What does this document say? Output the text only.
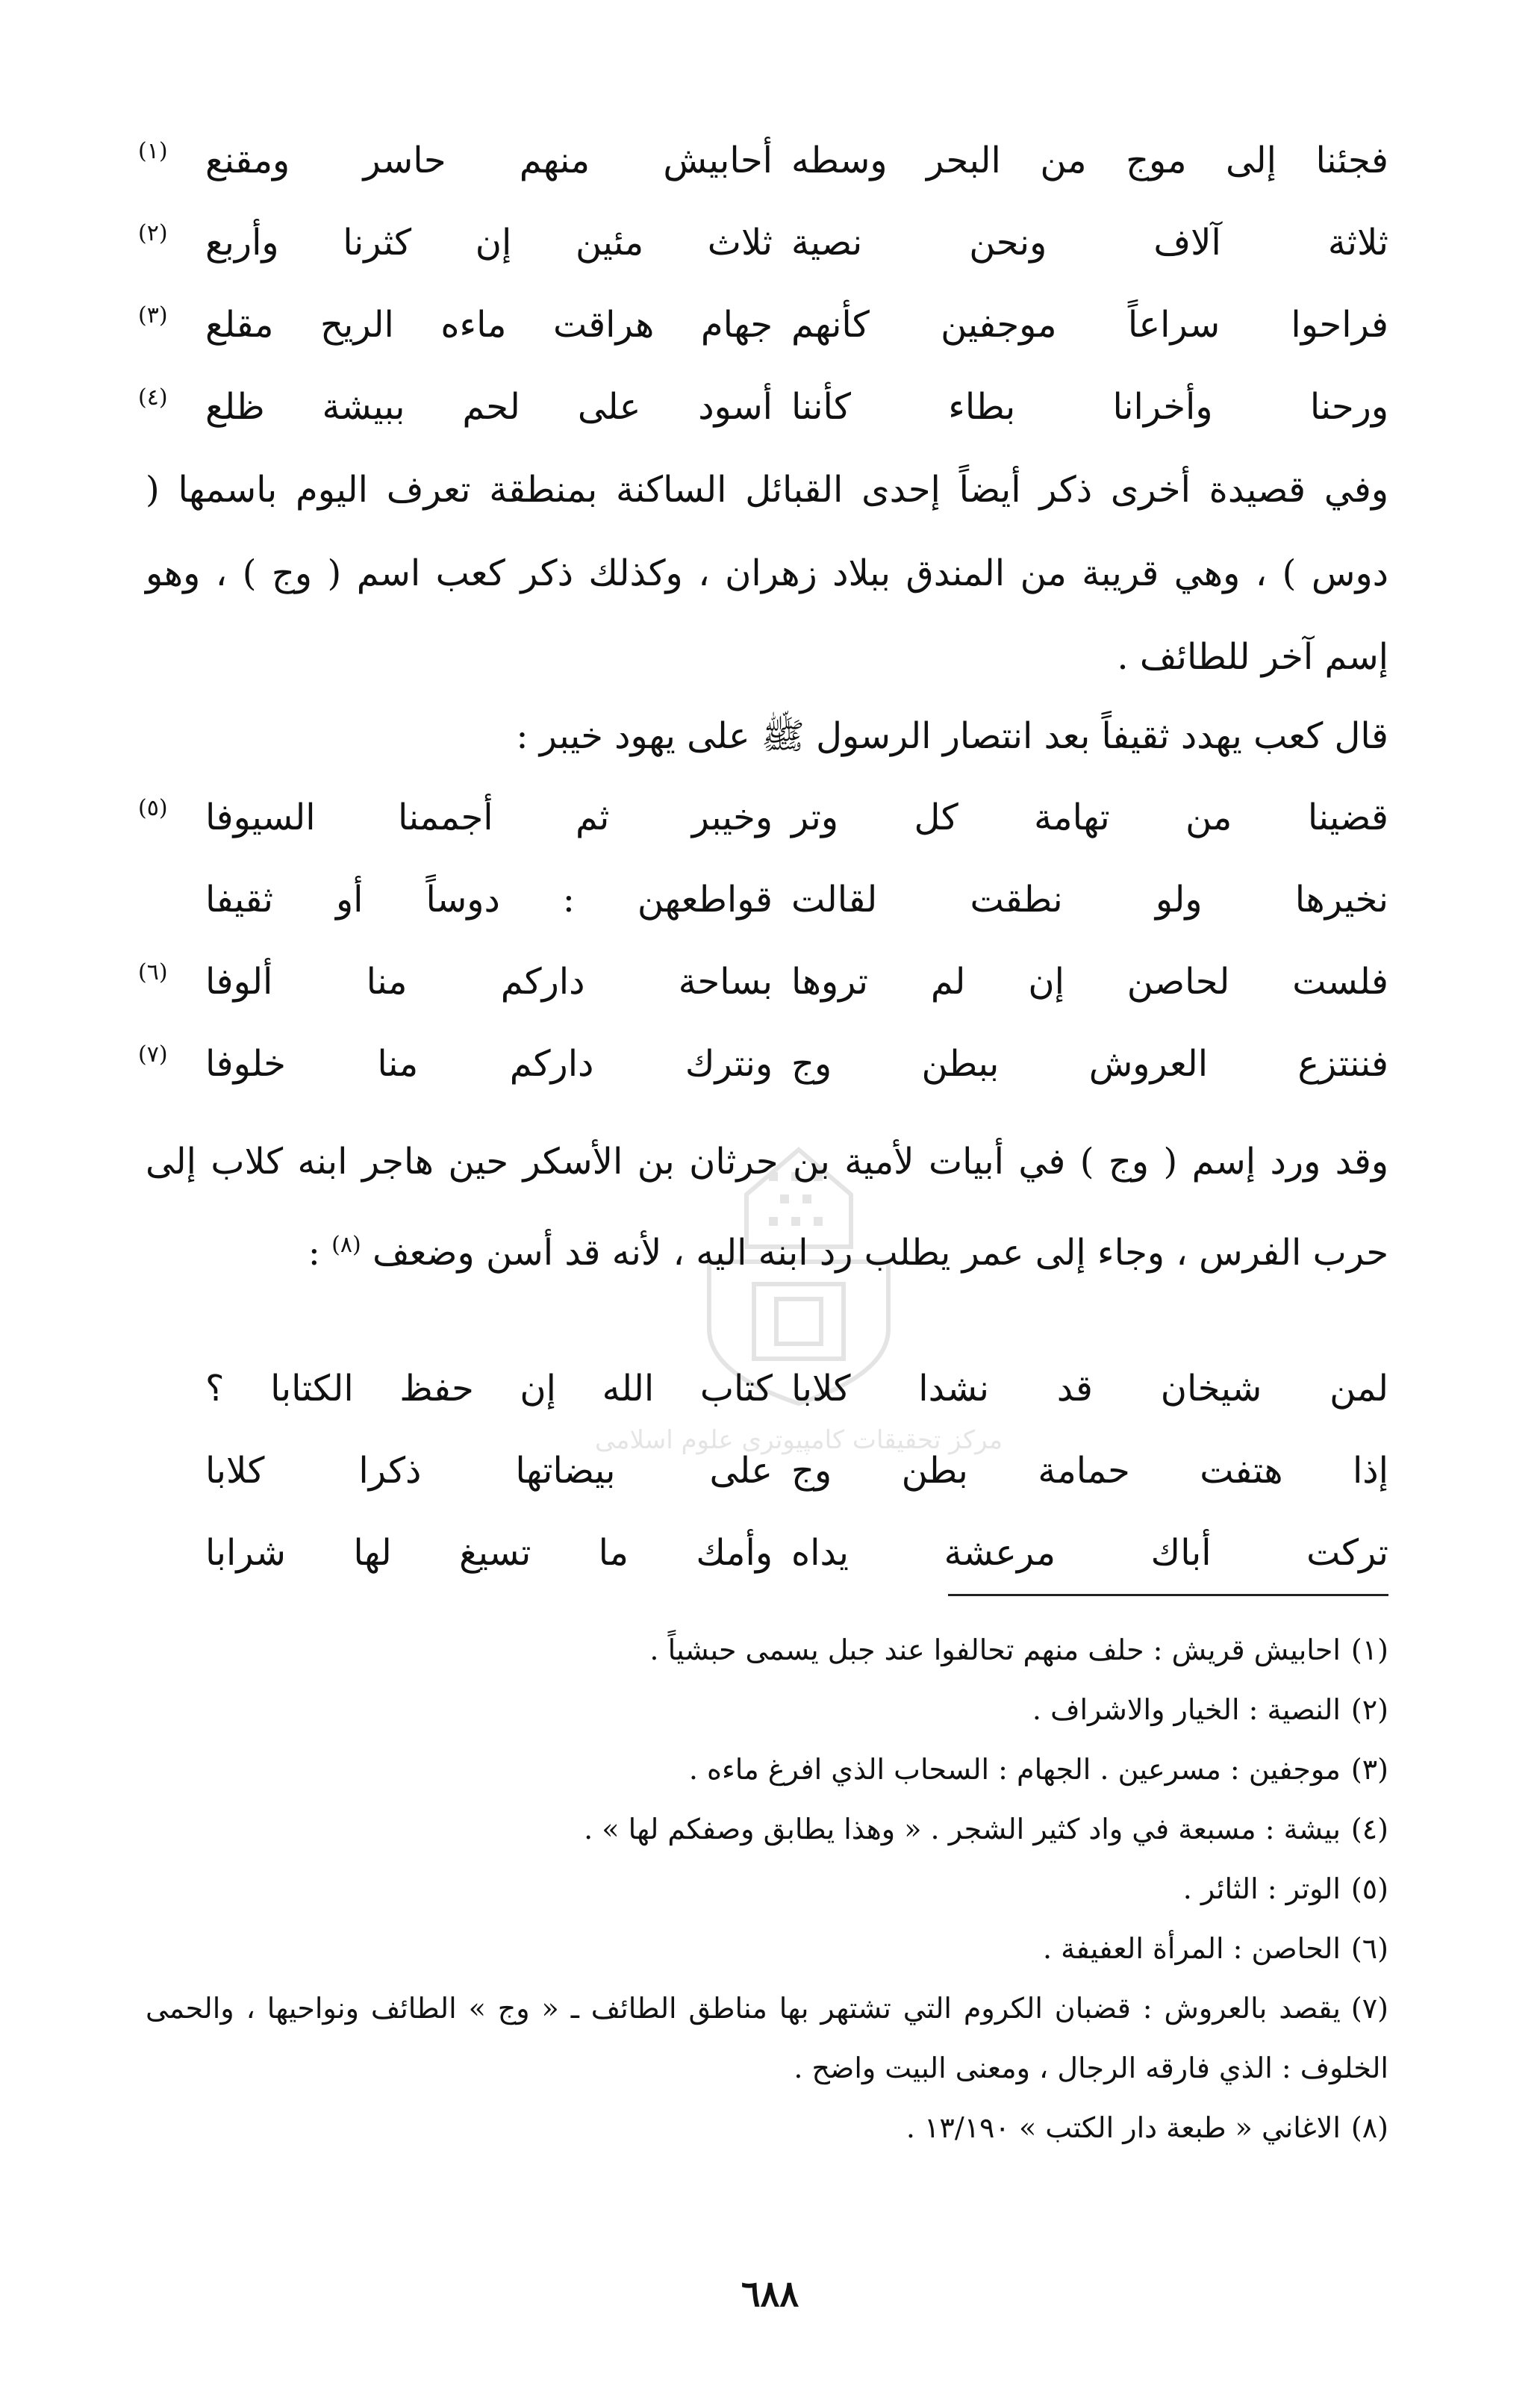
مرکز تحقیقات کامپیوتری علوم اسلامی
فجئنا إلى موج من البحر وسطه
أحابيش منهم حاسر ومقنع
(١)
ثلاثة آلاف ونحن نصية
ثلاث مئين إن كثرنا وأربع
(٢)
فراحوا سراعاً موجفين كأنهم
جهام هراقت ماءه الريح مقلع
(٣)
ورحنا وأخرانا بطاء كأننا
أسود على لحم ببيشة ظلع
(٤)

وفي قصيدة أخرى ذكر أيضاً إحدى القبائل الساكنة بمنطقة تعرف اليوم باسمها ( دوس ) ، وهي قريبة من المندق ببلاد زهران ، وكذلك ذكر كعب اسم ( وج ) ، وهو إسم آخر للطائف .

قال كعب يهدد ثقيفاً بعد انتصار الرسول ﷺ على يهود خيبر :

قضينا من تهامة كل وتر
وخيبر ثم أجممنا السيوفا
(٥)
نخيرها ولو نطقت لقالت
قواطعهن : دوساً أو ثقيفا
فلست لحاصن إن لم تروها
بساحة داركم منا ألوفا
(٦)
فننتزع العروش ببطن وج
ونترك داركم منا خلوفا
(٧)

وقد ورد إسم ( وج ) في أبيات لأمية بن حرثان بن الأسكر حين هاجر ابنه كلاب إلى حرب الفرس ، وجاء إلى عمر يطلب رد ابنه اليه ، لأنه قد أسن وضعف $^{(٨)}$ :

لمن شيخان قد نشدا كلابا
كتاب الله إن حفظ الكتابا ؟
إذا هتفت حمامة بطن وج
على بيضاتها ذكرا كلابا
تركت أباك مرعشة يداه
وأمك ما تسيغ لها شرابا

(١)احابيش قريش : حلف منهم تحالفوا عند جبل يسمى حبشياً .

(٢)النصية : الخيار والاشراف .

(٣)موجفين : مسرعين . الجهام : السحاب الذي افرغ ماءه .

(٤)بيشة : مسبعة في واد كثير الشجر . « وهذا يطابق وصفكم لها » .

(٥)الوتر : الثائر .

(٦)الحاصن : المرأة العفيفة .

(٧)يقصد بالعروش : قضبان الكروم التي تشتهر بها مناطق الطائف ـ « وج » الطائف ونواحيها ، والحمى الخلوف : الذي فارقه الرجال ، ومعنى البيت واضح .

(٨)الاغاني « طبعة دار الكتب » ١٣/١٩٠ .

٦٨٨
